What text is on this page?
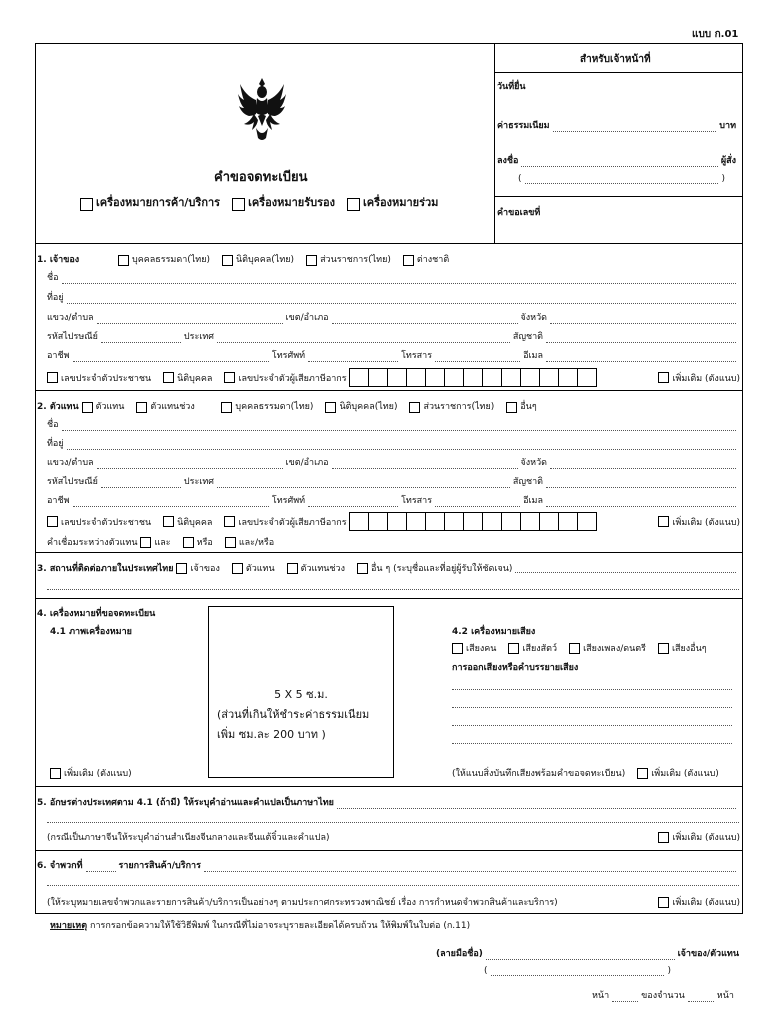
แบบ ก.01
คำขอจดทะเบียน
เครื่องหมายการค้า/บริการ	เครื่องหมายรับรอง	เครื่องหมายร่วม
สำหรับเจ้าหน้าที่
วันที่ยื่น
ค่าธรรมเนียม	บาท
ลงชื่อ	ผู้สั่ง
(	)
คำขอเลขที่
1. เจ้าของ	บุคคลธรรมดา(ไทย)	นิติบุคคล(ไทย)	ส่วนราชการ(ไทย)	ต่างชาติ
ชื่อ
ที่อยู่
แขวง/ตำบล	เขต/อำเภอ	จังหวัด
รหัสไปรษณีย์	ประเทศ	สัญชาติ
อาชีพ	โทรศัพท์	โทรสาร	อีเมล
เลขประจำตัวประชาชน	นิติบุคคล	เลขประจำตัวผู้เสียภาษีอากร	เพิ่มเติม (ตังแนบ)
2. ตัวแทน ตัวแทน	ตัวแทนช่วง	บุคคลธรรมดา(ไทย)	นิติบุคคล(ไทย)	ส่วนราชการ(ไทย)	อื่นๆ
ชื่อ
ที่อยู่
แขวง/ตำบล	เขต/อำเภอ	จังหวัด
รหัสไปรษณีย์	ประเทศ	สัญชาติ
อาชีพ	โทรศัพท์	โทรสาร	อีเมล
เลขประจำตัวประชาชน	นิติบุคคล	เลขประจำตัวผู้เสียภาษีอากร	เพิ่มเติม (ตังแนบ)
คำเชื่อมระหว่างตัวแทน และ	หรือ	และ/หรือ
3. สถานที่ติดต่อภายในประเทศไทย เจ้าของ	ตัวแทน	ตัวแทนช่วง	อื่น ๆ (ระบุชื่อและที่อยู่ผู้รับให้ชัดเจน)
4. เครื่องหมายที่ขอจดทะเบียน
4.1 ภาพเครื่องหมาย
5 X 5 ซ.ม.
(ส่วนที่เกินให้ชำระค่าธรรมเนียม
เพิ่ม ซม.ละ 200 บาท )
เพิ่มเติม (ตังแนบ)
4.2 เครื่องหมายเสียง
เสียงคน	เสียงสัตว์	เสียงเพลง/ดนตรี	เสียงอื่นๆ
การออกเสียงหรือคำบรรยายเสียง
(ให้แนบสิ่งบันทึกเสียงพร้อมคำขอจดทะเบียน)	เพิ่มเติม (ตังแนบ)
5. อักษรต่างประเทศตาม 4.1 (ถ้ามี) ให้ระบุคำอ่านและคำแปลเป็นภาษาไทย
(กรณีเป็นภาษาจีนให้ระบุคำอ่านสำเนียงจีนกลางและจีนแต้จิ๋วและคำแปล)	เพิ่มเติม (ตังแนบ)
6. จำพวกที่	รายการสินค้า/บริการ
(ให้ระบุหมายเลขจำพวกและรายการสินค้า/บริการเป็นอย่างๆ ตามประกาศกระทรวงพาณิชย์ เรื่อง การกำหนดจำพวกสินค้าและบริการ)	เพิ่มเติม (ตังแนบ)
หมายเหตุ การกรอกข้อความให้ใช้วิธีพิมพ์ ในกรณีที่ไม่อาจระบุรายละเอียดได้ครบถ้วน ให้พิมพ์ในใบต่อ (ก.11)
(ลายมือชื่อ)	เจ้าของ/ตัวแทน
(	)
หน้า	ของจำนวน	หน้า
